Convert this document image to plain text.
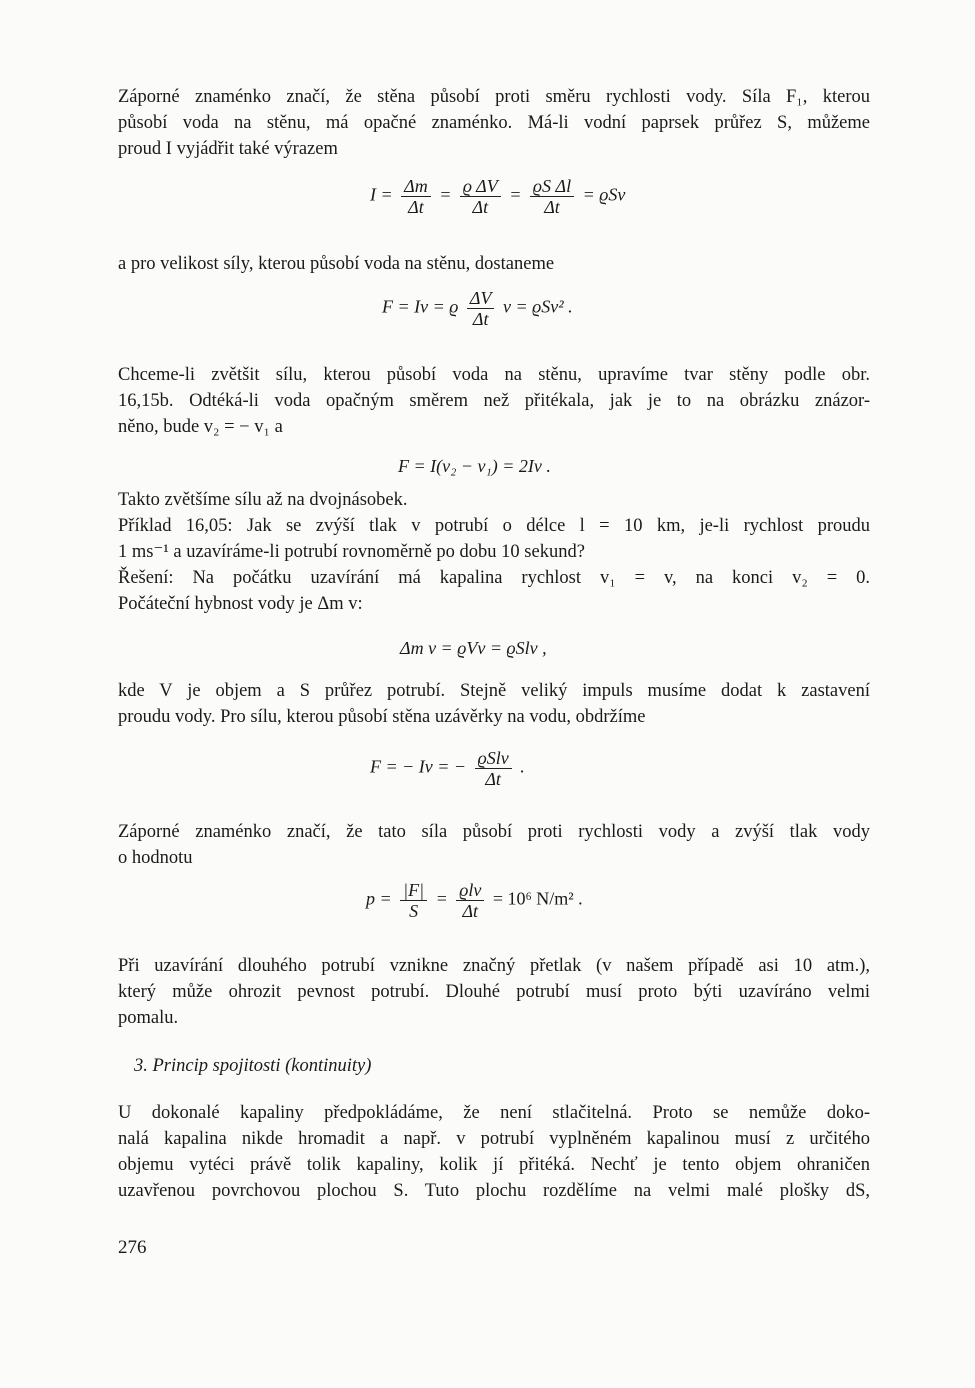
Záporné znaménko značí, že stěna působí proti směru rychlosti vody. Síla F₁, kterou
působí voda na stěnu, má opačné znaménko. Má-li vodní paprsek průřez S, můžeme
proud I vyjádřit také výrazem
$I = \frac{\Delta m}{\Delta t} = \frac{\text{ϱ ΔV}}{\Delta t} = \frac{\text{ϱS Δl}}{\Delta t} = ϱSv$
a pro velikost síly, kterou působí voda na stěnu, dostaneme
F = Iv = ϱ $\frac{\Delta V}{\Delta t}$ v = ϱSv² .
Chceme-li zvětšit sílu, kterou působí voda na stěnu, upravíme tvar stěny podle obr.
16,15b. Odtéká-li voda opačným směrem než přitékala, jak je to na obrázku znázor-
něno, bude v₂ = − v₁ a
F = I(v₂ − v₁) = 2Iv .
Takto zvětšíme sílu až na dvojnásobek.
Příklad 16,05: Jak se zvýší tlak v potrubí o délce l = 10 km, je-li rychlost proudu
1 ms⁻¹ a uzavíráme-li potrubí rovnoměrně po dobu 10 sekund?
Řešení: Na počátku uzavírání má kapalina rychlost v₁ = v, na konci v₂ = 0.
Počáteční hybnost vody je Δm v:
Δm v = ϱVv = ϱSlv ,
kde V je objem a S průřez potrubí. Stejně veliký impuls musíme dodat k zastavení
proudu vody. Pro sílu, kterou působí stěna uzávěrky na vodu, obdržíme
F = − Iv = − $\frac{\text{ϱSlv}}{\Delta t}$ .
Záporné znaménko značí, že tato síla působí proti rychlosti vody a zvýší tlak vody
o hodnotu
$p = \frac{|F|}{S} = \frac{\text{ϱlv}}{\Delta t} = 10^6$ N/m² .
Při uzavírání dlouhého potrubí vznikne značný přetlak (v našem případě asi 10 atm.),
který může ohrozit pevnost potrubí. Dlouhé potrubí musí proto býti uzavíráno velmi
pomalu.
3. Princip spojitosti (kontinuity)
U dokonalé kapaliny předpokládáme, že není stlačitelná. Proto se nemůže doko-
nalá kapalina nikde hromadit a např. v potrubí vyplněném kapalinou musí z určitého
objemu vytéci právě tolik kapaliny, kolik jí přitéká. Nechť je tento objem ohraničen
uzavřenou povrchovou plochou S. Tuto plochu rozdělíme na velmi malé plošky dS,
276
